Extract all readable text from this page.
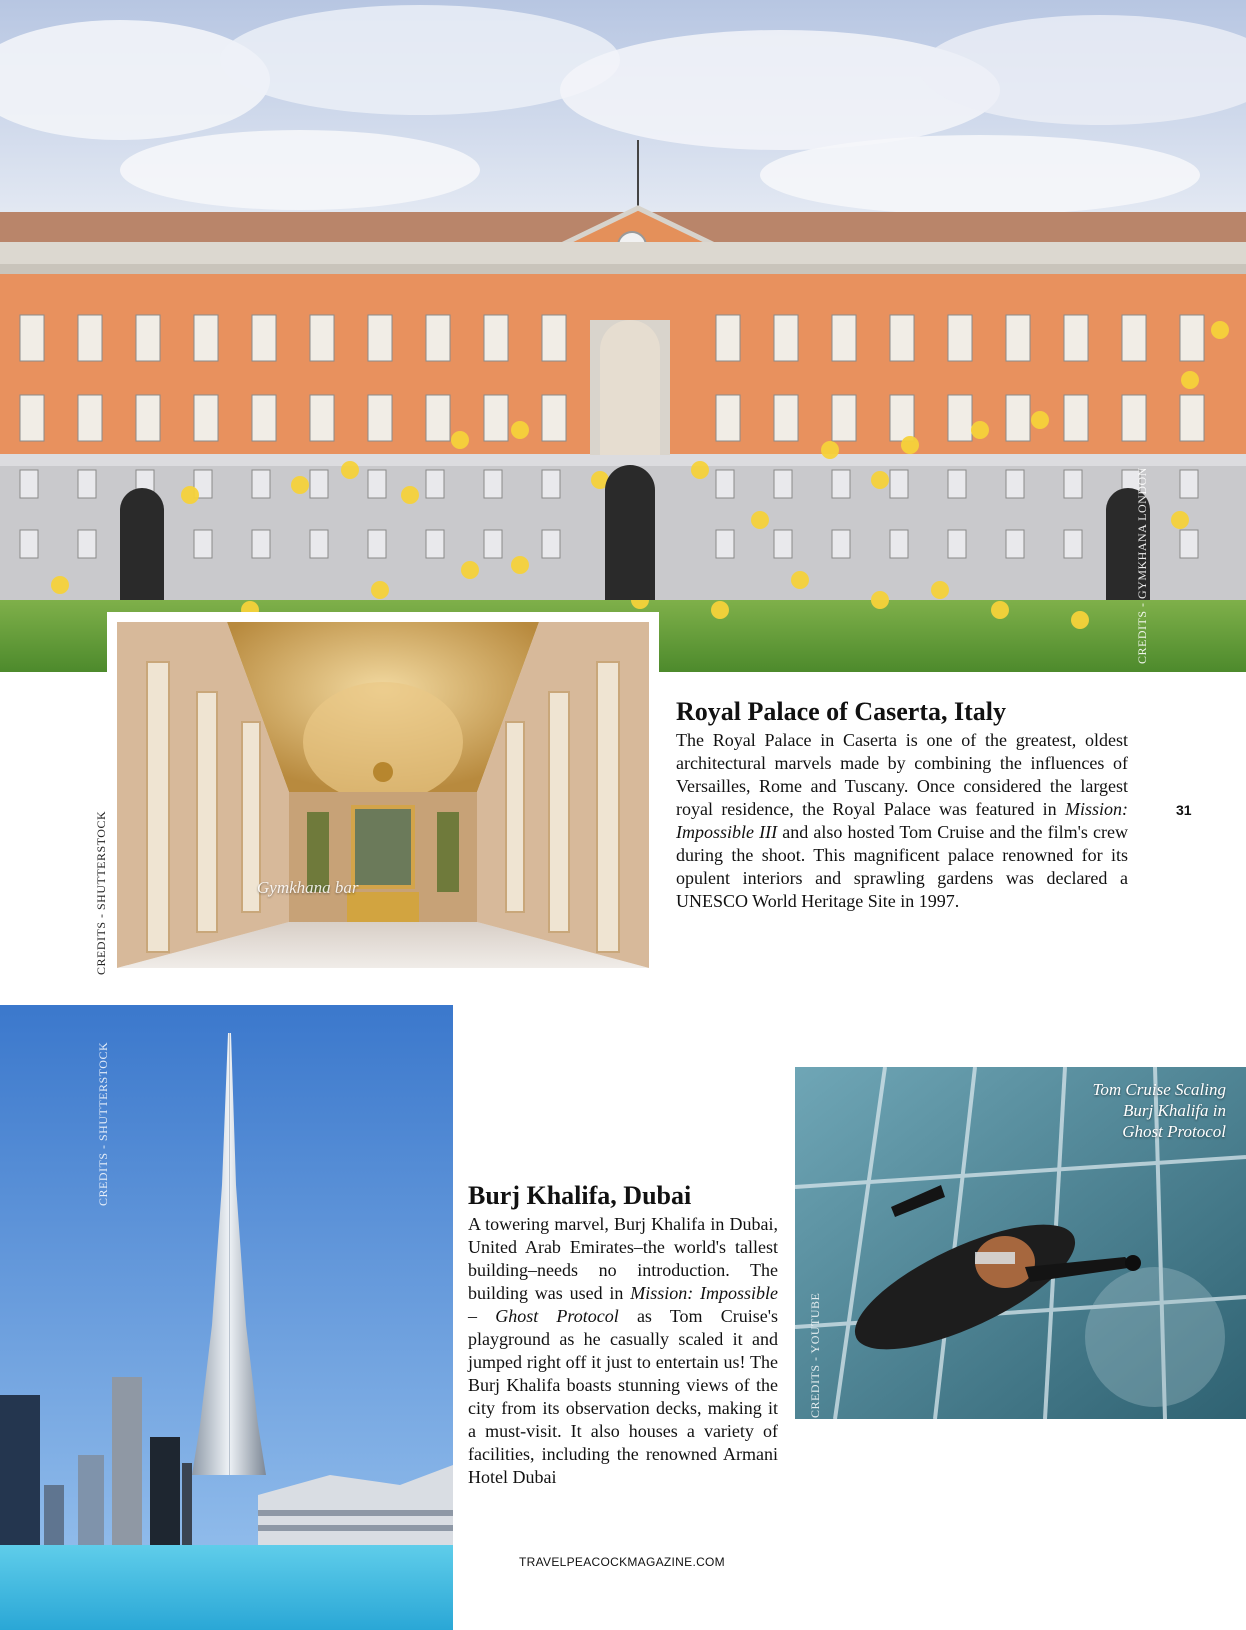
CREDITS - GYMKHANA LONDON
Gymkhana bar
CREDITS - SHUTTERSTOCK
Royal Palace of Caserta, Italy

The Royal Palace in Caserta is one of the greatest, oldest architectural marvels made by combining the influences of Versailles, Rome and Tuscany. Once considered the largest royal residence, the Royal Palace was featured in Mission: Impossible III and also hosted Tom Cruise and the film's crew during the shoot. This magnificent palace renowned for its opulent interiors and sprawling gardens was declared a UNESCO World Heritage Site in 1997.

31
CREDITS - SHUTTERSTOCK	Burj Khalifa, Dubai

A towering marvel, Burj Khalifa in Dubai, United Arab Emirates–the world's tallest building–needs no introduction. The building was used in Mission: Impossible – Ghost Protocol as Tom Cruise's playground as he casually scaled it and jumped right off it just to entertain us! The Burj Khalifa boasts stunning views of the city from its observation decks, making it a must-visit. It also houses a variety of facilities, including the renowned Armani Hotel Dubai

Tom Cruise Scaling
Burj Khalifa in
Ghost Protocol
CREDITS - YOUTUBE
TRAVELPEACOCKMAGAZINE.COM
